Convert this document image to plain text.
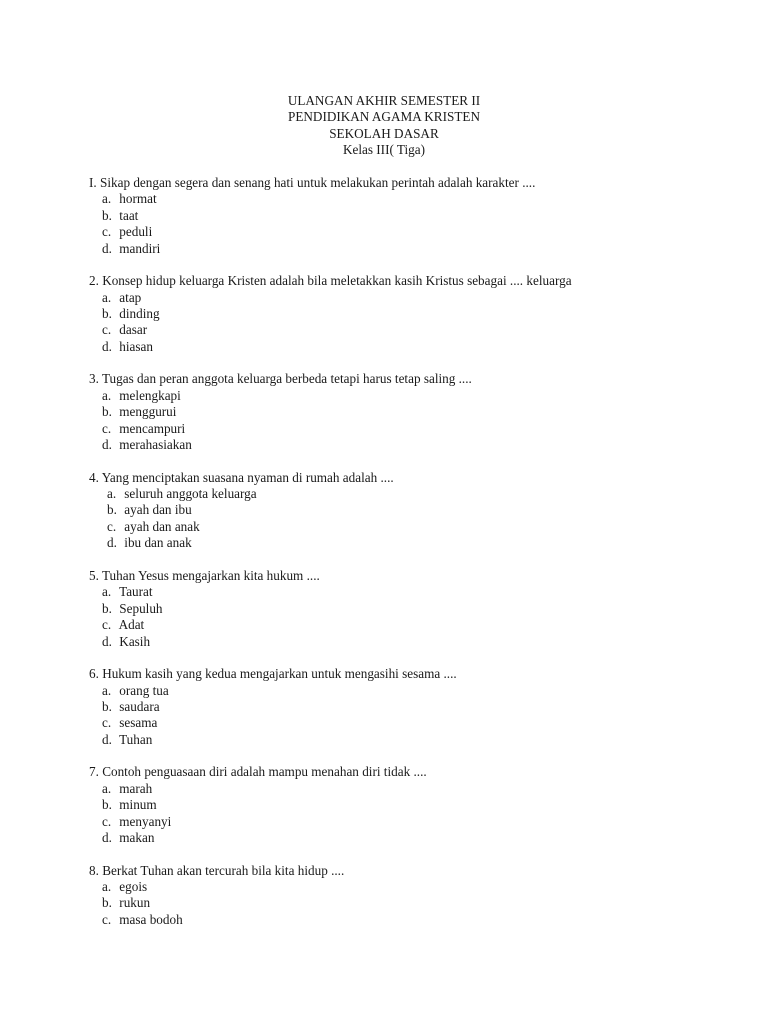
ULANGAN AKHIR SEMESTER II
PENDIDIKAN AGAMA KRISTEN
SEKOLAH DASAR
Kelas III( Tiga)
I. Sikap dengan segera dan senang hati untuk melakukan perintah adalah karakter ....
a. hormat
b. taat
c. peduli
d. mandiri
2. Konsep hidup keluarga Kristen adalah bila meletakkan kasih Kristus sebagai .... keluarga
a. atap
b. dinding
c. dasar
d. hiasan
3. Tugas dan peran anggota keluarga berbeda tetapi harus tetap saling ....
a. melengkapi
b. menggurui
c. mencampuri
d. merahasiakan
4. Yang menciptakan suasana nyaman di rumah adalah ....
a. seluruh anggota keluarga
b. ayah dan ibu
c. ayah dan anak
d. ibu dan anak
5. Tuhan Yesus mengajarkan kita hukum ....
a. Taurat
b. Sepuluh
c. Adat
d. Kasih
6. Hukum kasih yang kedua mengajarkan untuk mengasihi sesama ....
a. orang tua
b. saudara
c. sesama
d. Tuhan
7. Contoh penguasaan diri adalah mampu menahan diri tidak ....
a. marah
b. minum
c. menyanyi
d. makan
8. Berkat Tuhan akan tercurah bila kita hidup ....
a. egois
b. rukun
c. masa bodoh
